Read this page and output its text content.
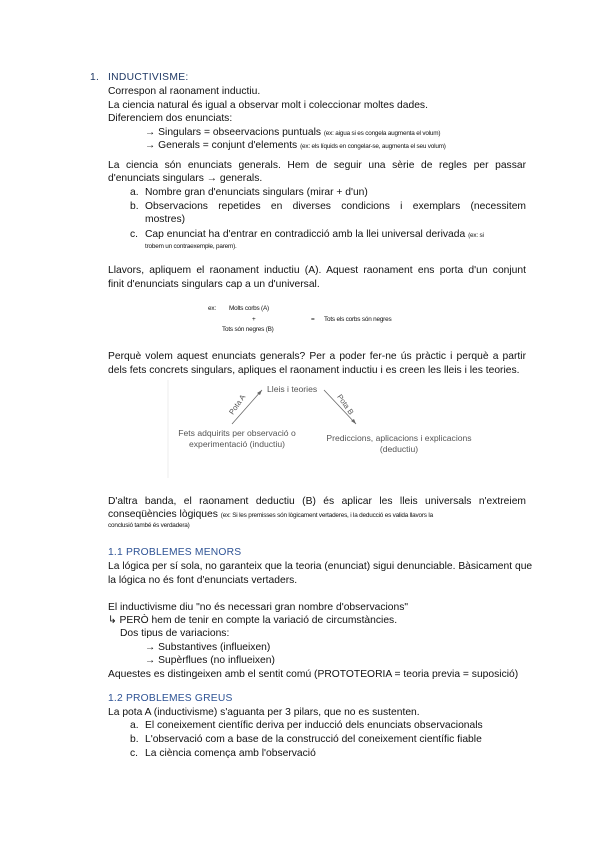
1. INDUCTIVISME:
Correspon al raonament inductiu.
La ciencia natural és igual a observar molt i coleccionar moltes dades.
Diferenciem dos enunciats:
→ Singulars = obseervacions puntuals (ex: aigua si es congela augmenta el volum)
→ Generals = conjunt d'elements (ex: els líquids en congelar-se, augmenta el seu volum)
La ciencia són enunciats generals. Hem de seguir una sèrie de regles per passar
d'enunciats singulars → generals.
a. Nombre gran d'enunciats singulars (mirar + d'un)
b. Observacions repetides en diverses condicions i exemplars (necessitem
mostres)
c. Cap enunciat ha d'entrar en contradicció amb la llei universal derivada (ex: si
trobem un contraexemple, parem).
Llavors, apliquem el raonament inductiu (A). Aquest raonament ens porta d'un conjunt
finit d'enunciats singulars cap a un d'universal.
ex: Molts corbs (A)
+
Tots són negres (B)
= Tots els corbs són negres
Perquè volem aquest enunciats generals? Per a poder fer-ne ús pràctic i perquè a partir
dels fets concrets singulars, apliques el raonament inductiu i es creen les lleis i les teories.
Lleis i teories
Pota A	Pota B
Fets adquirits per observació o
experimentació (inductiu)
Prediccions, aplicacions i explicacions
(deductiu)
D'altra banda, el raonament deductiu (B) és aplicar les lleis universals n'extreiem
conseqüències lògiques (ex: Si les premisses són lògicament vertaderes, i la deducció es valida llavors la
conclusió també és verdadera)
1.1 PROBLEMES MENORS
La lógica per sí sola, no garanteix que la teoria (enunciat) sigui denunciable. Bàsicament que
la lógica no és font d'enunciats vertaders.
El inductivisme diu "no és necessari gran nombre d'observacions"
↳ PERÒ hem de tenir en compte la variació de circumstàncies.
Dos tipus de variacions:
→ Substantives (influeixen)
→ Supèrflues (no influeixen)
Aquestes es distingeixen amb el sentit comú (PROTOTEORIA = teoria previa = suposició)
1.2 PROBLEMES GREUS
La pota A (inductivisme) s'aguanta per 3 pilars, que no es sustenten.
a. El coneixement científic deriva per inducció dels enunciats observacionals
b. L'observació com a base de la construcció del coneixement científic fiable
c. La ciència comença amb l'observació
